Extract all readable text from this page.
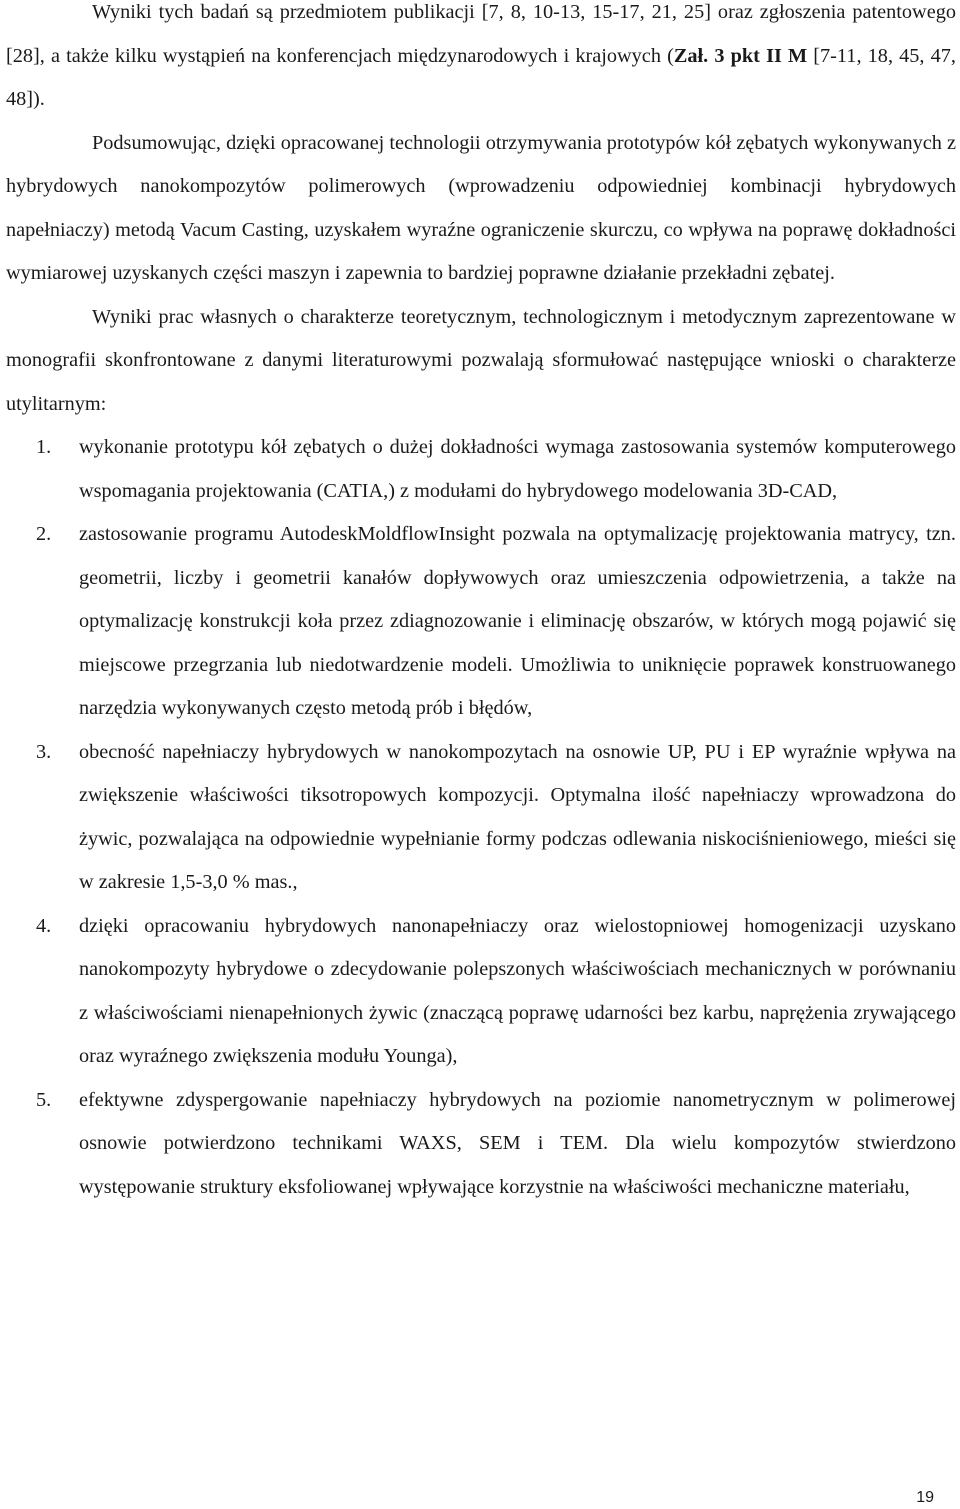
Wyniki tych badań są przedmiotem publikacji [7, 8, 10-13, 15-17, 21, 25] oraz zgłoszenia patentowego [28], a także kilku wystąpień na konferencjach międzynarodowych i krajowych (Zał. 3 pkt II M [7-11, 18, 45, 47, 48]).

Podsumowując, dzięki opracowanej technologii otrzymywania prototypów kół zębatych wykonywanych z hybrydowych nanokompozytów polimerowych (wprowadzeniu odpowiedniej kombinacji hybrydowych napełniaczy) metodą Vacum Casting, uzyskałem wyraźne ograniczenie skurczu, co wpływa na poprawę dokładności wymiarowej uzyskanych części maszyn i zapewnia to bardziej poprawne działanie przekładni zębatej.

Wyniki prac własnych o charakterze teoretycznym, technologicznym i metodycznym zaprezentowane w monografii skonfrontowane z danymi literaturowymi pozwalają sformułować następujące wnioski o charakterze utylitarnym:

1.	wykonanie prototypu kół zębatych o dużej dokładności wymaga zastosowania systemów komputerowego wspomagania projektowania (CATIA,) z modułami do hybrydowego modelowania 3D-CAD,
2.	zastosowanie programu AutodeskMoldflowInsight pozwala na optymalizację projektowania matrycy, tzn. geometrii, liczby i geometrii kanałów dopływowych oraz umieszczenia odpowietrzenia, a także na optymalizację konstrukcji koła przez zdiagnozowanie i eliminację obszarów, w których mogą pojawić się miejscowe przegrzania lub niedotwardzenie modeli. Umożliwia to uniknięcie poprawek konstruowanego narzędzia wykonywanych często metodą prób i błędów,
3.	obecność napełniaczy hybrydowych w nanokompozytach na osnowie UP, PU i EP wyraźnie wpływa na zwiększenie właściwości tiksotropowych kompozycji. Optymalna ilość napełniaczy wprowadzona do żywic, pozwalająca na odpowiednie wypełnianie formy podczas odlewania niskociśnieniowego, mieści się w zakresie 1,5-3,0 % mas.,
4.	dzięki opracowaniu hybrydowych nanonapełniaczy oraz wielostopniowej homogenizacji uzyskano nanokompozyty hybrydowe o zdecydowanie polepszonych właściwościach mechanicznych w porównaniu z właściwościami nienapełnionych żywic (znaczącą poprawę udarności bez karbu, naprężenia zrywającego oraz wyraźnego zwiększenia modułu Younga),
5.	efektywne zdyspergowanie napełniaczy hybrydowych na poziomie nanometrycznym w polimerowej osnowie potwierdzono technikami WAXS, SEM i TEM. Dla wielu kompozytów stwierdzono występowanie struktury eksfoliowanej wpływające korzystnie na właściwości mechaniczne materiału,
19
